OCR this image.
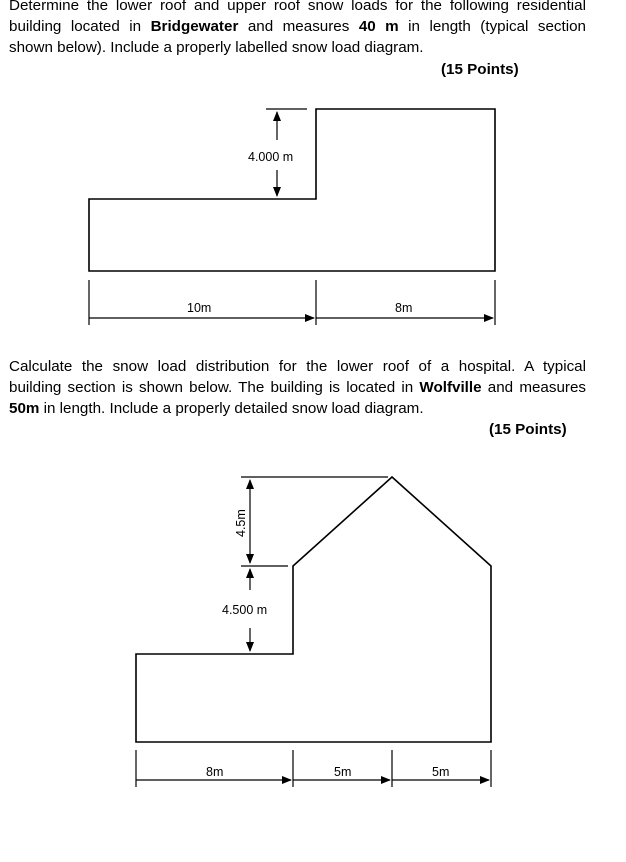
Determine the lower roof and upper roof snow loads for the following residential
building located in Bridgewater and measures 40 m in length (typical section
shown below). Include a properly labelled snow load diagram.
(15 Points)
4.000 m
10m	8m
Calculate the snow load distribution for the lower roof of a hospital. A typical
building section is shown below. The building is located in Wolfville and measures
50m in length. Include a properly detailed snow load diagram.
(15 Points)
4.5m
4.500 m
8m	5m	5m
